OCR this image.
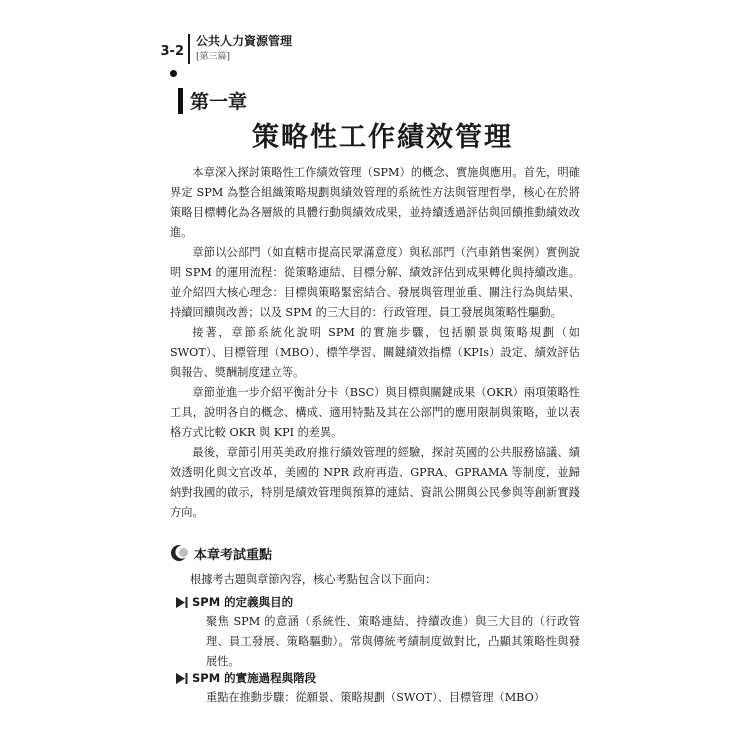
3-2
公共人力資源管理
[第三篇]
第一章
策略性工作績效管理

本章深入探討策略性工作績效管理（SPM）的概念、實施與應用。首先，明確界定 SPM 為整合組織策略規劃與績效管理的系統性方法與管理哲學，核心在於將策略目標轉化為各層級的具體行動與績效成果，並持續透過評估與回饋推動績效改進。

章節以公部門（如直轄市提高民眾滿意度）與私部門（汽車銷售案例）實例說明 SPM 的運用流程：從策略連結、目標分解、績效評估到成果轉化與持續改進。並介紹四大核心理念：目標與策略緊密結合、發展與管理並重、關注行為與結果、持續回饋與改善；以及 SPM 的三大目的：行政管理、員工發展與策略性驅動。

接著，章節系統化說明 SPM 的實施步驟，包括願景與策略規劃（如 SWOT）、目標管理（MBO）、標竿學習、關鍵績效指標（KPIs）設定、績效評估與報告、獎酬制度建立等。

章節並進一步介紹平衡計分卡（BSC）與目標與關鍵成果（OKR）兩項策略性工具，說明各自的概念、構成、適用特點及其在公部門的應用限制與策略，並以表格方式比較 OKR 與 KPI 的差異。

最後，章節引用英美政府推行績效管理的經驗，探討英國的公共服務協議、績效透明化與文官改革，美國的 NPR 政府再造、GPRA、GPRAMA 等制度，並歸納對我國的啟示，特別是績效管理與預算的連結、資訊公開與公民參與等創新實踐方向。

本章考試重點
根據考古題與章節內容，核心考點包含以下面向：
SPM 的定義與目的
聚焦 SPM 的意涵（系統性、策略連結、持續改進）與三大目的（行政管理、員工發展、策略驅動）。常與傳統考績制度做對比，凸顯其策略性與發展性。
SPM 的實施過程與階段
重點在推動步驟：從願景、策略規劃（SWOT）、目標管理（MBO）
